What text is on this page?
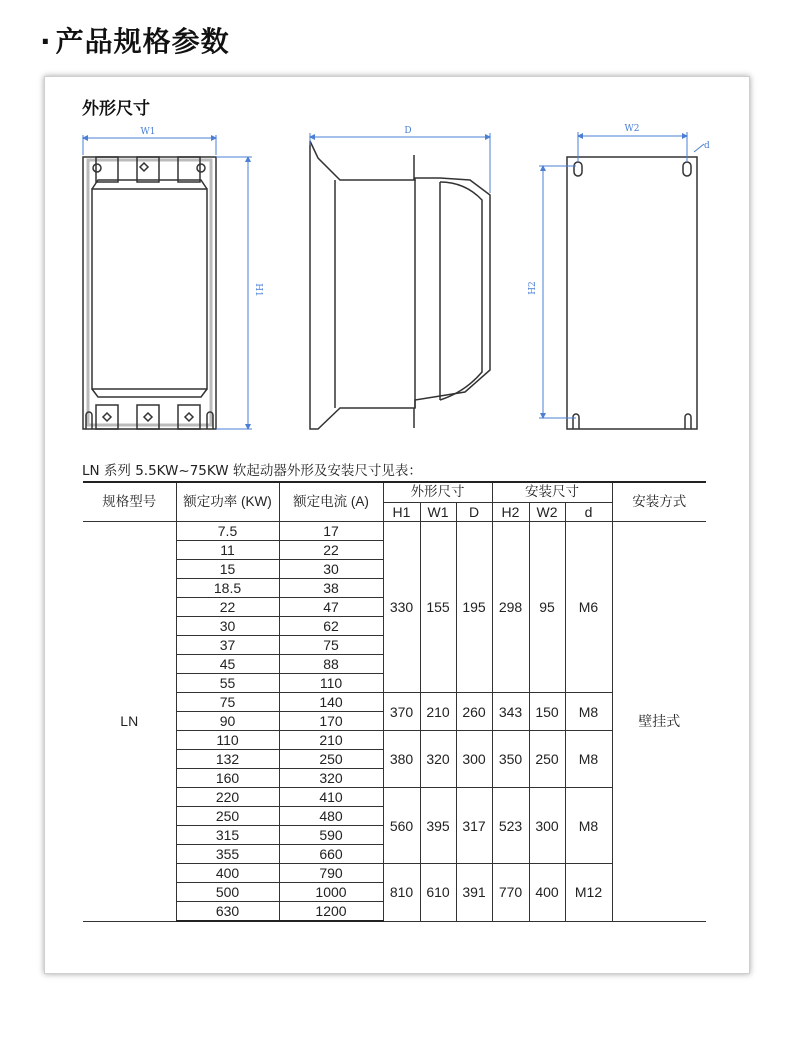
· 产品规格参数
外形尺寸
W1
H1
D	W2
d
H2
LN 系列 5.5KW~75KW 软起动器外形及安装尺寸见表：
规格型号	额定功率 (KW)	额定电流 (A)	外形尺寸			安装尺寸			安装方式
			H1	W1	D	H2	W2	d	
LN	7.5	17	330	155	195	298	95	M6	壁挂式
	11	22							
	15	30							
	18.5	38							
	22	47							
	30	62							
	37	75							
	45	88							
	55	110							
	75	140	370	210	260	343	150	M8	
	90	170							
	110	210	380	320	300	350	250	M8	
	132	250							
	160	320							
	220	410	560	395	317	523	300	M8	
	250	480							
	315	590							
	355	660							
	400	790	810	610	391	770	400	M12	
	500	1000							
	630	1200							
